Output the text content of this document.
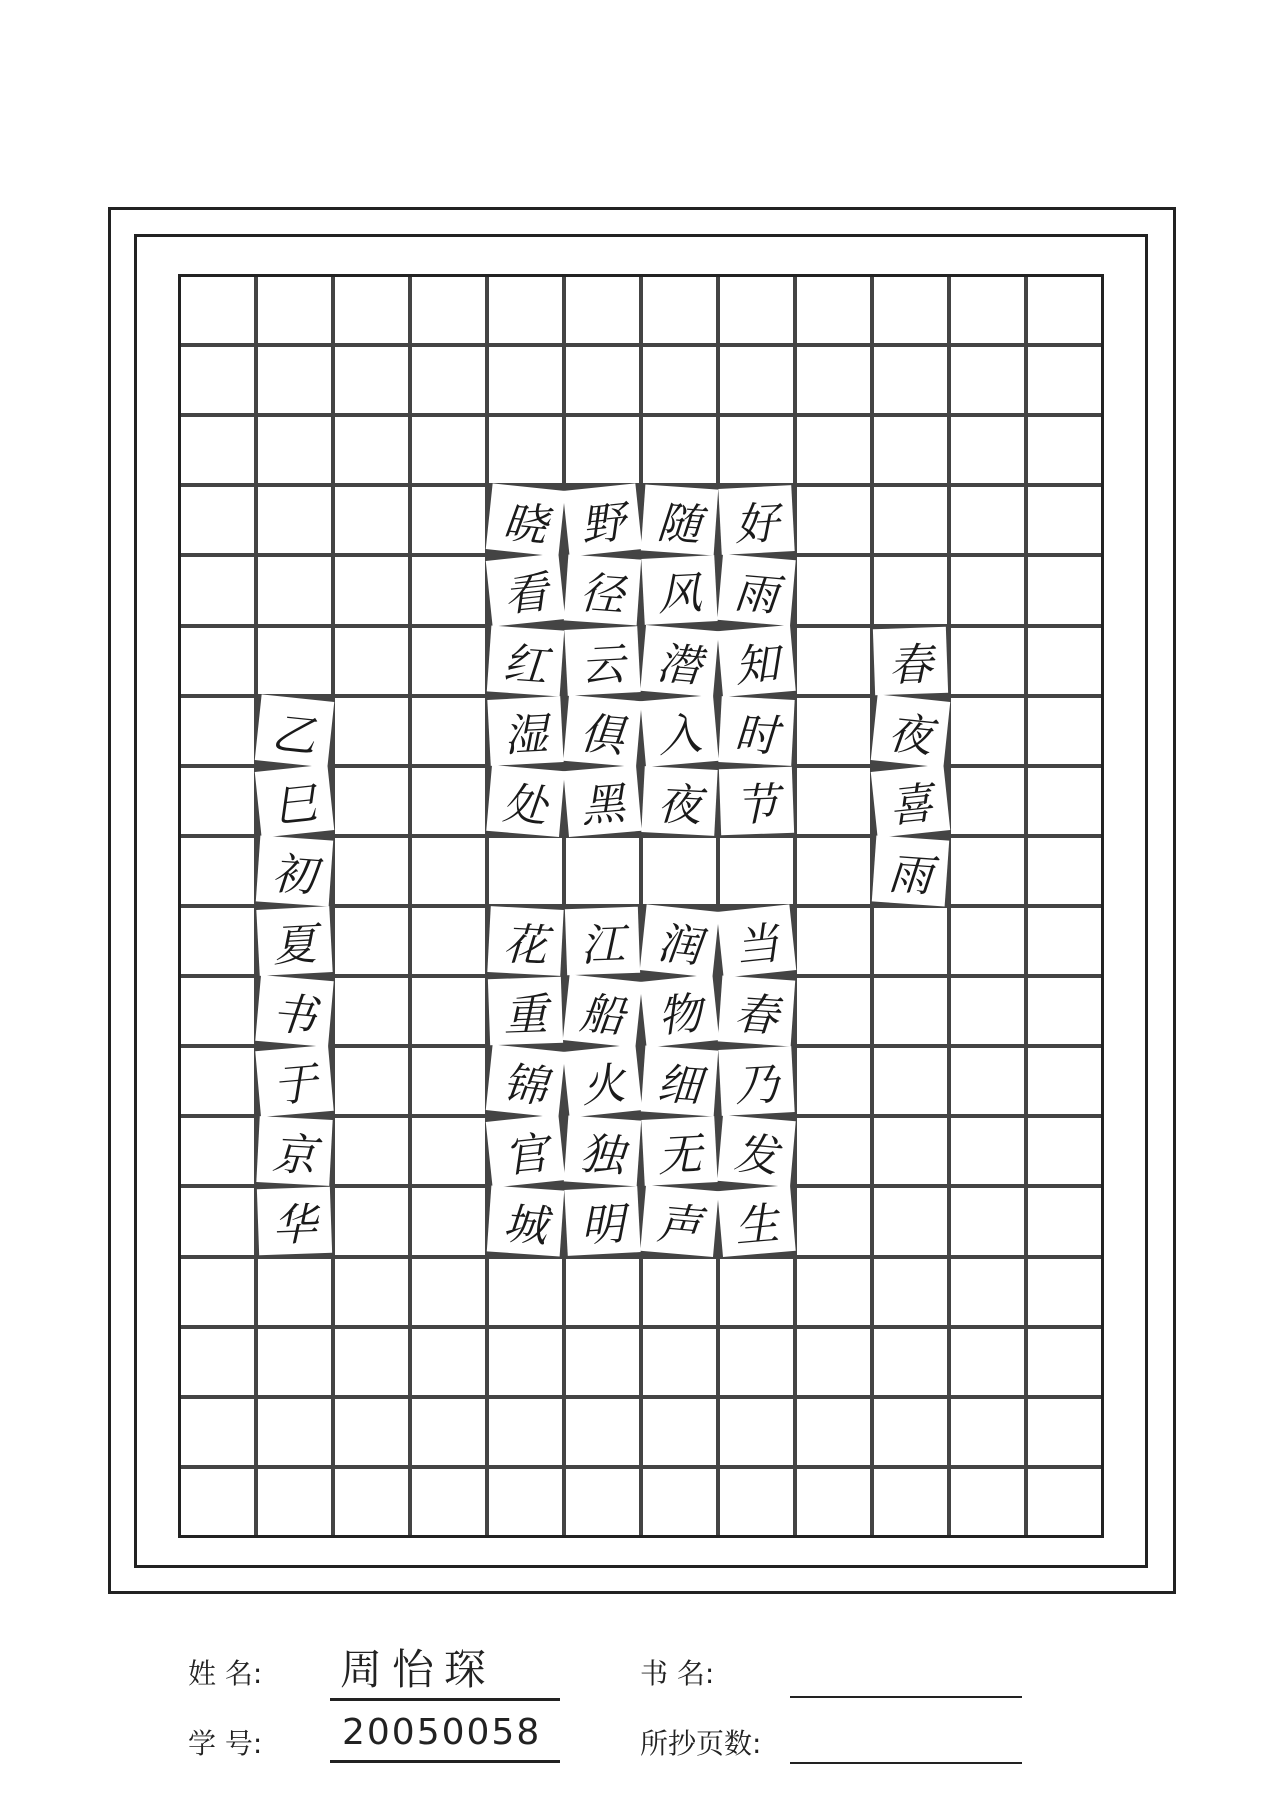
晓 野 随 好
看 径 风 雨
红 云 潜 知	春
乙	湿 俱 入 时	夜
巳	处 黑 夜 节	喜
初	雨
夏	花 江 润 当
书	重 船 物 春
于	锦 火 细 乃
京	官 独 无 发
华	城 明 声 生
姓 名: 周怡琛	书 名:
学 号: 20050058	所抄页数:
